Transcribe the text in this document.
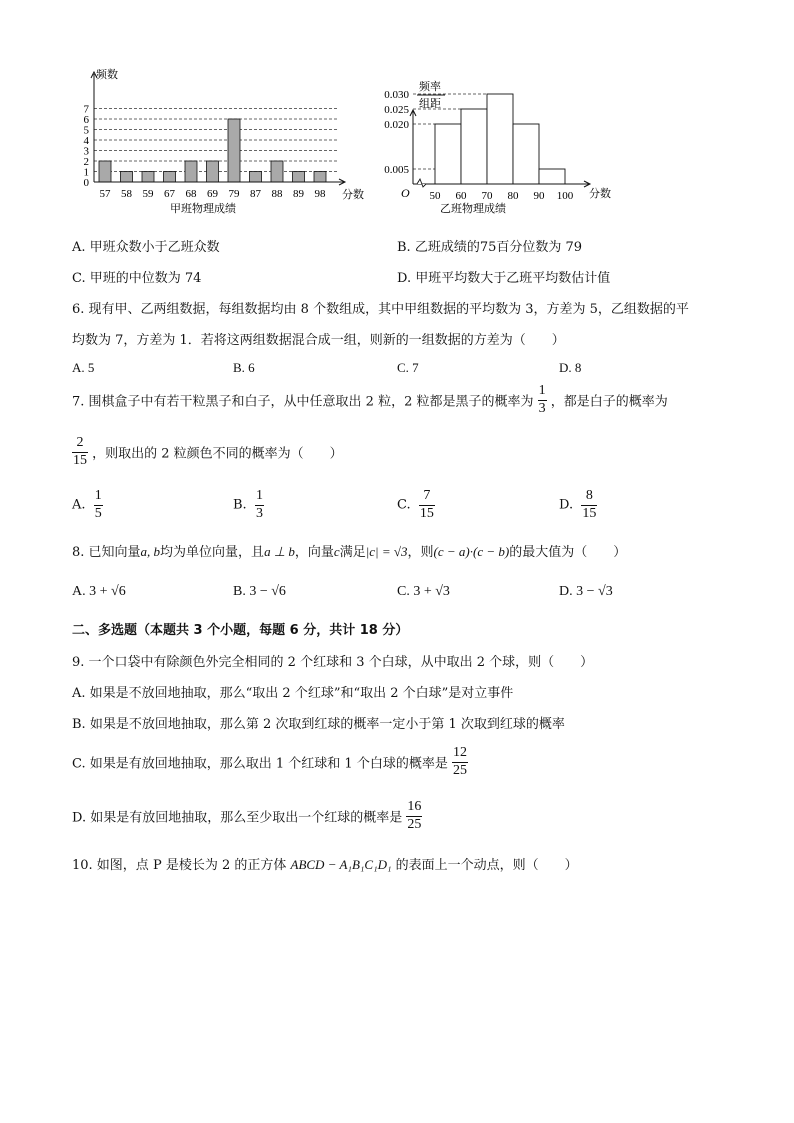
频数
分数
甲班物理成绩
0
1
2
3
4
5
6
7
57 58 59 67 68 69 79 87 88 89 98
频率
组距
O	分数
乙班物理成绩
0.030
0.025
0.020
0.005
50 60 70 80 90 100
A. 甲班众数小于乙班众数	B. 乙班成绩的75百分位数为 79
C. 甲班的中位数为 74	D. 甲班平均数大于乙班平均数估计值
6. 现有甲、乙两组数据，每组数据均由 8 个数组成，其中甲组数据的平均数为 3，方差为 5，乙组数据的平
均数为 7，方差为 1．若将这两组数据混合成一组，则新的一组数据的方差为（　　）
A. 5	B. 6	C. 7	D. 8
7. 围棋盒子中有若干粒黑子和白子，从中任意取出 2 粒，2 粒都是黑子的概率为 $\frac{1}{3}$ ，都是白子的概率为
$\frac{2}{15}$ ，则取出的 2 粒颜色不同的概率为（　　）
A. $\frac{1}{5}$	B. $\frac{1}{3}$	C. $\frac{7}{15}$	D. $\frac{8}{15}$
8. 已知向量a, b均为单位向量，且a ⊥ b，向量c满足|c| = √3，则(c − a)·(c − b)的最大值为（　　）
A. 3 + √6	B. 3 − √6	C. 3 + √3	D. 3 − √3
二、多选题（本题共 3 个小题，每题 6 分，共计 18 分）
9. 一个口袋中有除颜色外完全相同的 2 个红球和 3 个白球，从中取出 2 个球，则（　　）
A. 如果是不放回地抽取，那么“取出 2 个红球”和“取出 2 个白球”是对立事件
B. 如果是不放回地抽取，那么第 2 次取到红球的概率一定小于第 1 次取到红球的概率
C. 如果是有放回地抽取，那么取出 1 个红球和 1 个白球的概率是 $\frac{12}{25}$
D. 如果是有放回地抽取，那么至少取出一个红球的概率是 $\frac{16}{25}$
10. 如图，点 P 是棱长为 2 的正方体 ABCD − A₁B₁C₁D₁ 的表面上一个动点，则（　　）
